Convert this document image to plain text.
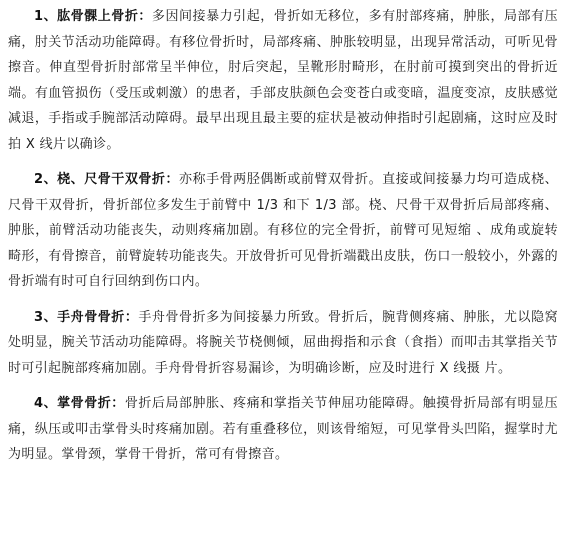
1、肱骨髁上骨折：多因间接暴力引起，骨折如无移位，多有肘部疼痛，肿胀，局部有压痛，肘关节活动功能障碍。有移位骨折时，局部疼痛、肿胀较明显，出现异常活动，可听见骨擦音。伸直型骨折肘部常呈半伸位，肘后突起，呈靴形肘畸形，在肘前可摸到突出的骨折近端。有血管损伤（受压或刺激）的患者，手部皮肤颜色会变苍白或变暗，温度变凉，皮肤感觉减退，手指或手腕部活动障碍。最早出现且最主要的症状是被动伸指时引起剧痛，这时应及时拍 X 线片以确诊。

2、桡、尺骨干双骨折：亦称手骨两胫偶断或前臂双骨折。直接或间接暴力均可造成桡、尺骨干双骨折，骨折部位多发生于前臂中 1/3 和下 1/3 部。桡、尺骨干双骨折后局部疼痛、肿胀，前臂活动功能丧失，动则疼痛加剧。有移位的完全骨折，前臂可见短缩 、成角或旋转畸形，有骨擦音，前臂旋转功能丧失。开放骨折可见骨折端戳出皮肤，伤口一般较小，外露的骨折端有时可自行回纳到伤口内。

3、手舟骨骨折：手舟骨骨折多为间接暴力所致。骨折后，腕背侧疼痛、肿胀，尤以隐窝处明显，腕关节活动功能障碍。将腕关节桡侧倾，屈曲拇指和示食（食指）而叩击其掌指关节时可引起腕部疼痛加剧。手舟骨骨折容易漏诊，为明确诊断，应及时进行 X 线摄 片。

4、掌骨骨折：骨折后局部肿胀、疼痛和掌指关节伸屈功能障碍。触摸骨折局部有明显压痛，纵压或叩击掌骨头时疼痛加剧。若有重叠移位，则该骨缩短，可见掌骨头凹陷，握掌时尤为明显。掌骨颈，掌骨干骨折，常可有骨擦音。
